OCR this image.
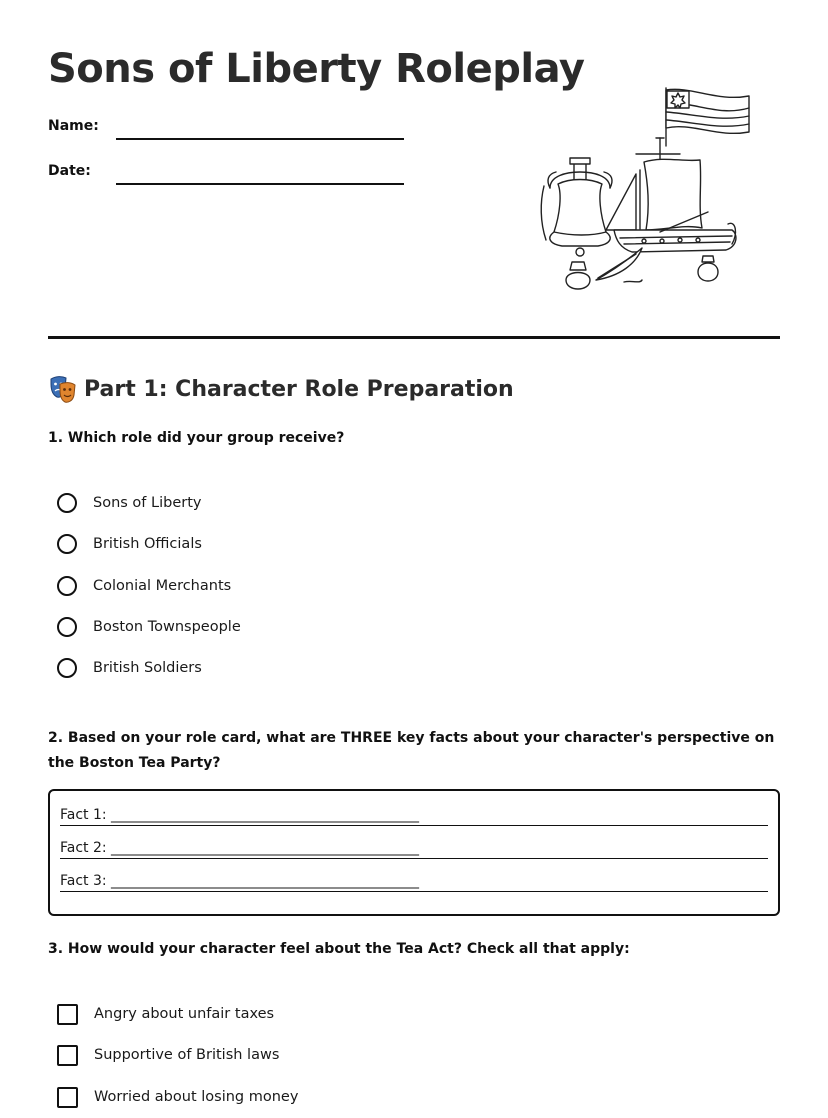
Sons of Liberty Roleplay
Name:
Date:
Part 1: Character Role Preparation

1. Which role did your group receive?

Sons of Liberty
British Officials
Colonial Merchants
Boston Townspeople
British Soldiers

2. Based on your role card, what are THREE key facts about your character's perspective on the Boston Tea Party?

Fact 1: ____________________________________________
Fact 2: ____________________________________________
Fact 3: ____________________________________________

3. How would your character feel about the Tea Act? Check all that apply:

Angry about unfair taxes
Supportive of British laws
Worried about losing money
